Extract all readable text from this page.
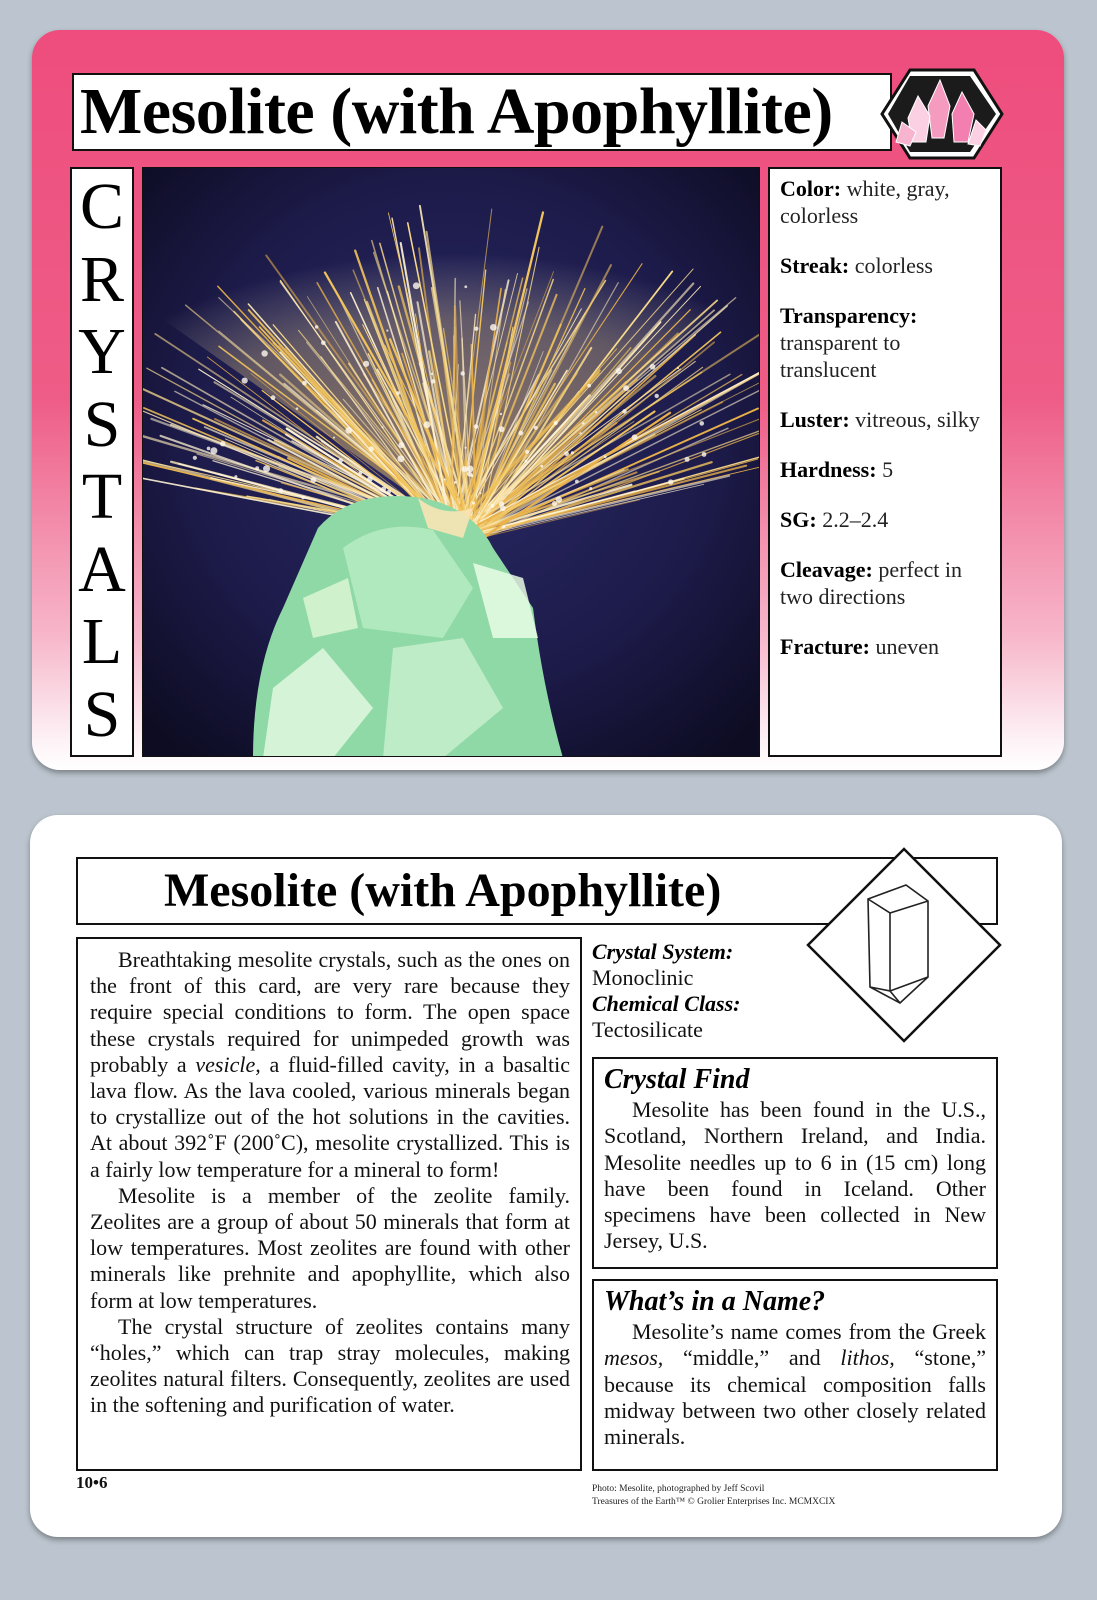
Mesolite (with Apophyllite)
C
R
Y
S
T
A
L
S

Color: white, gray, colorless

Streak: colorless

Transparency: transparent to translucent

Luster: vitreous, silky

Hardness: 5

SG: 2.2–2.4

Cleavage: perfect in two directions

Fracture: uneven

Mesolite (with Apophyllite)

Breathtaking mesolite crystals, such as the ones on the front of this card, are very rare because they require special conditions to form. The open space these crystals required for unimpeded growth was probably a vesicle, a fluid-filled cavity, in a basaltic lava flow. As the lava cooled, various minerals began to crystallize out of the hot solutions in the cavities. At about 392˚F (200˚C), mesolite crystallized. This is a fairly low temperature for a mineral to form!

Mesolite is a member of the zeolite family. Zeolites are a group of about 50 minerals that form at low temperatures. Most zeolites are found with other minerals like prehnite and apophyllite, which also form at low temperatures.

The crystal structure of zeolites contains many “holes,” which can trap stray molecules, making zeolites natural filters. Consequently, zeolites are used in the softening and purification of water.

Crystal System:
Monoclinic
Chemical Class:
Tectosilicate
Crystal Find

Mesolite has been found in the U.S., Scotland, Northern Ireland, and India. Mesolite needles up to 6 in (15 cm) long have been found in Iceland. Other specimens have been collected in New Jersey, U.S.

What’s in a Name?

Mesolite’s name comes from the Greek mesos, “middle,” and lithos, “stone,” because its chemical composition falls midway between two other closely related minerals.

10•6	Photo: Mesolite, photographed by Jeff Scovil
Treasures of the Earth™ © Grolier Enterprises Inc. MCMXCIX
